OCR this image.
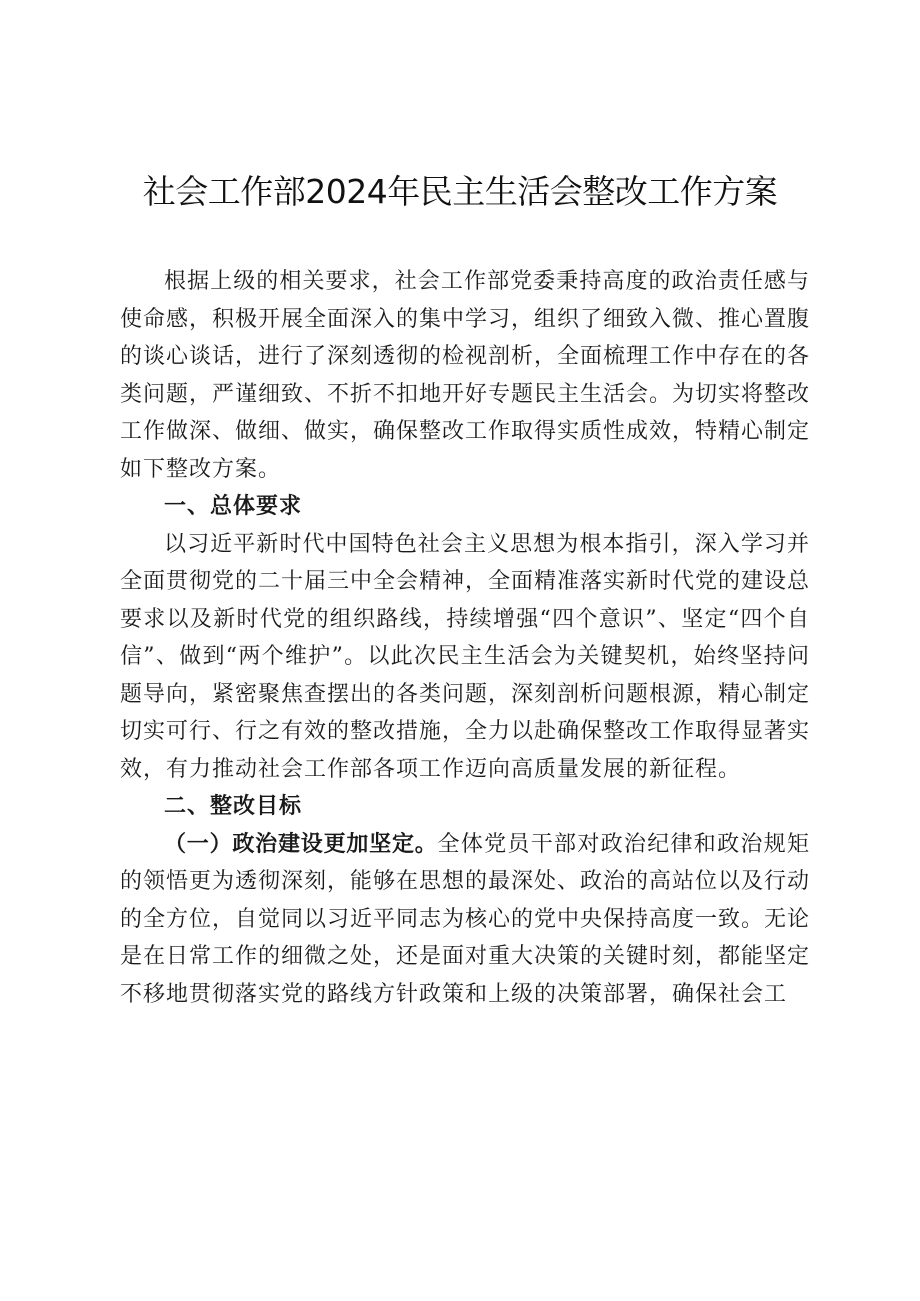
社会工作部2024年民主生活会整改工作方案

根据上级的相关要求，社会工作部党委秉持高度的政治责任感与使命感，积极开展全面深入的集中学习，组织了细致入微、推心置腹的谈心谈话，进行了深刻透彻的检视剖析，全面梳理工作中存在的各类问题，严谨细致、不折不扣地开好专题民主生活会。为切实将整改工作做深、做细、做实，确保整改工作取得实质性成效，特精心制定如下整改方案。

一、总体要求

以习近平新时代中国特色社会主义思想为根本指引，深入学习并全面贯彻党的二十届三中全会精神，全面精准落实新时代党的建设总要求以及新时代党的组织路线，持续增强“四个意识”、坚定“四个自信”、做到“两个维护”。以此次民主生活会为关键契机，始终坚持问题导向，紧密聚焦查摆出的各类问题，深刻剖析问题根源，精心制定切实可行、行之有效的整改措施，全力以赴确保整改工作取得显著实效，有力推动社会工作部各项工作迈向高质量发展的新征程。

二、整改目标

（一）政治建设更加坚定。全体党员干部对政治纪律和政治规矩的领悟更为透彻深刻，能够在思想的最深处、政治的高站位以及行动的全方位，自觉同以习近平同志为核心的党中央保持高度一致。无论是在日常工作的细微之处，还是面对重大决策的关键时刻，都能坚定不移地贯彻落实党的路线方针政策和上级的决策部署，确保社会工
